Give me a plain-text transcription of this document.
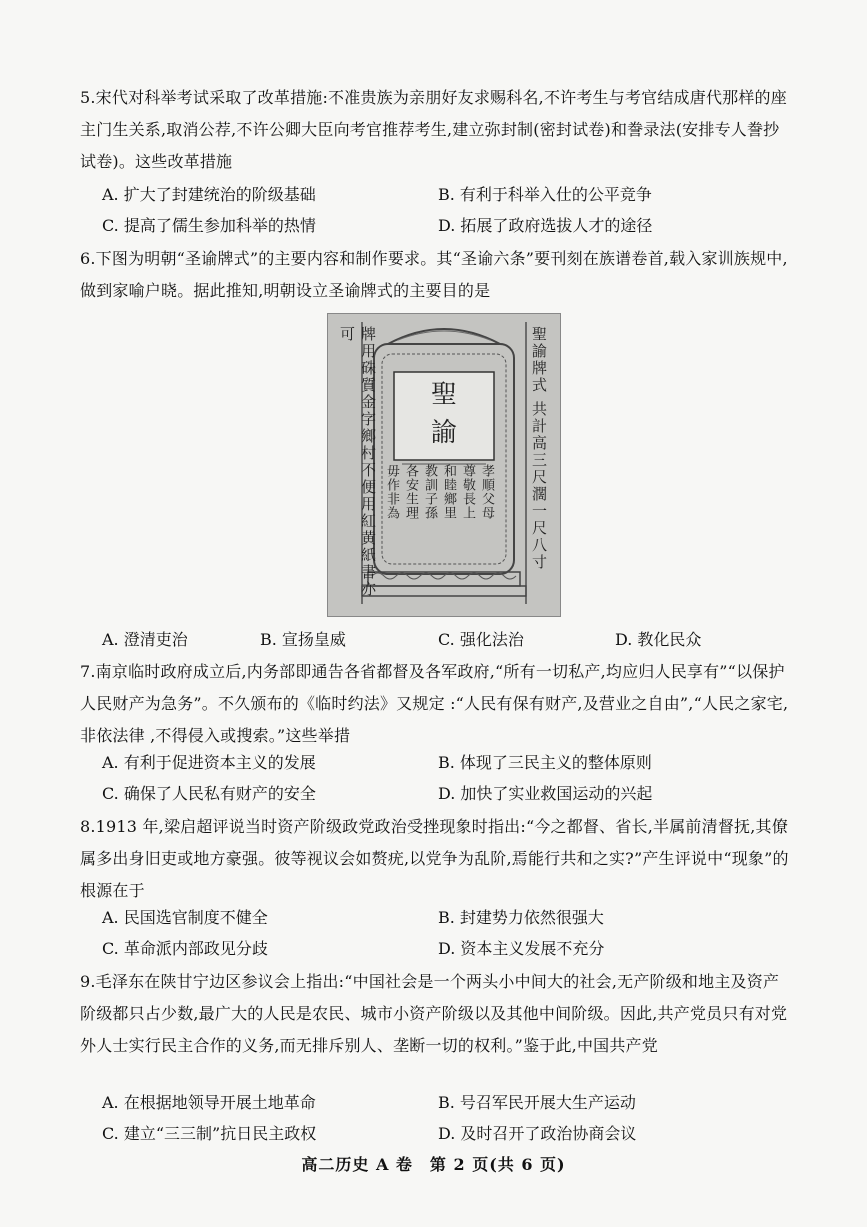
5.宋代对科举考试采取了改革措施:不准贵族为亲朋好友求赐科名,不许考生与考官结成唐代那样的座主门生关系,取消公荐,不许公卿大臣向考官推荐考生,建立弥封制(密封试卷)和誊录法(安排专人誊抄试卷)。这些改革措施
A. 扩大了封建统治的阶级基础	B. 有利于科举入仕的公平竞争
C. 提高了儒生参加科举的热情	D. 拓展了政府选拔人才的途径
6.下图为明朝“圣谕牌式”的主要内容和制作要求。其“圣谕六条”要刊刻在族谱卷首,载入家训族规中,做到家喻户晓。据此推知,明朝设立圣谕牌式的主要目的是
聖諭牌式 共計高三尺濶一尺八寸
牌用硃質金字鄉村不便用紅黄紙書亦可
聖
諭
孝順父母
尊敬長上
和睦鄉里
教訓子孫
各安生理
毋作非為
A. 澄清吏治	B. 宣扬皇威	C. 强化法治	D. 教化民众
7.南京临时政府成立后,内务部即通告各省都督及各军政府,“所有一切私产,均应归人民享有”“以保护人民财产为急务”。不久颁布的《临时约法》又规定 :“人民有保有财产,及营业之自由”,“人民之家宅,非依法律 ,不得侵入或搜索。”这些举措
A. 有利于促进资本主义的发展	B. 体现了三民主义的整体原则
C. 确保了人民私有财产的安全	D. 加快了实业救国运动的兴起
8.1913 年,梁启超评说当时资产阶级政党政治受挫现象时指出:“今之都督、省长,半属前清督抚,其僚属多出身旧吏或地方豪强。彼等视议会如赘疣,以党争为乱阶,焉能行共和之实?”产生评说中“现象”的根源在于
A. 民国选官制度不健全	B. 封建势力依然很强大
C. 革命派内部政见分歧	D. 资本主义发展不充分
9.毛泽东在陕甘宁边区参议会上指出:“中国社会是一个两头小中间大的社会,无产阶级和地主及资产阶级都只占少数,最广大的人民是农民、城市小资产阶级以及其他中间阶级。因此,共产党员只有对党外人士实行民主合作的义务,而无排斥别人、垄断一切的权利。”鉴于此,中国共产党
A. 在根据地领导开展土地革命	B. 号召军民开展大生产运动
C. 建立“三三制”抗日民主政权	D. 及时召开了政治协商会议
高二历史 A 卷　第 2 页(共 6 页)
